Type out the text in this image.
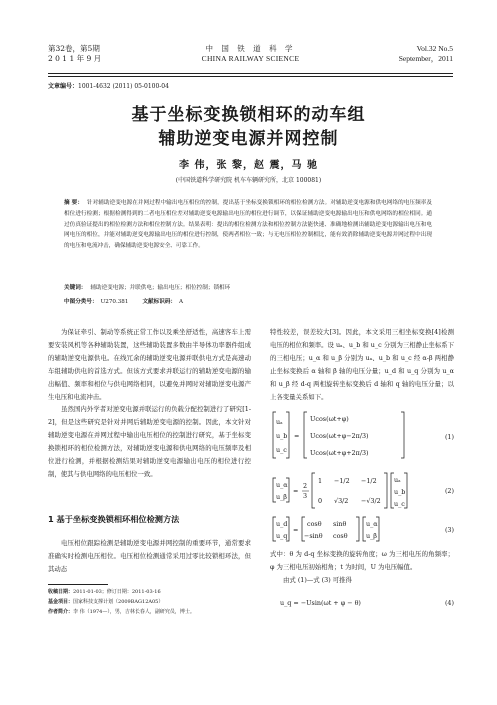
第32卷，第5期
2 0 1 1 年 9 月
中 国 铁 道 科 学
CHINA RAILWAY SCIENCE
Vol.32 No.5
September，2011
文章编号：1001-4632 (2011) 05-0100-04
基于坐标变换锁相环的动车组
辅助逆变电源并网控制
李 伟，张 黎，赵 震，马 驰
(中国铁道科学研究院 机车车辆研究所，北京 100081)
摘 要： 针对辅助逆变电源在并网过程中输出电压相位的控制，提出基于坐标变换锁相环的相位检测方法。对辅助逆变电源和供电网络的电压频率及相位进行检测；根据检测得到的二者电压相位差对辅助逆变电源输出电压的相位进行调节，以保证辅助逆变电源输出电压和供电网络的相位相同。通过仿真验证提出的相位检测方法和相位控制方法。结果表明：提出的相位检测方法和相位控制方法能快速、准确地检测出辅助逆变电源输出电压和电网电压的相位，并能对辅助逆变电源输出电压的相位进行控制，使两者相位一致；与无电压相位控制相比，能有效消除辅助逆变电源并网过程中出现的电压和电流冲击，确保辅助逆变电源安全、可靠工作。
关键词： 辅助逆变电源；并联供电；输出电压；相位控制；锁相环
中图分类号： U270.381	文献标识码： A

为保证牵引、制动等系统正常工作以及乘坐舒适性，高速客车上需要安装风机等各种辅助装置，这些辅助装置多数由半导体功率器件组成的辅助逆变电源供电。在线冗余的辅助逆变电源并联供电方式是高速动车组辅助供电的首选方式。但该方式要求并联运行的辅助逆变电源的输出幅值、频率和相位与供电网络相同，以避免并网时对辅助逆变电源产生电压和电流冲击。

虽然国内外学者对逆变电源并联运行的负载分配控制进行了研究[1-2]，但是这些研究是针对并网后辅助逆变电源的控制。因此，本文针对辅助逆变电源在并网过程中输出电压相位的控制进行研究，基于坐标变换锁相环的相位检测方法，对辅助逆变电源和供电网络的电压频率及相位进行检测，并根据检测结果对辅助逆变电源输出电压的相位进行控制，使其与供电网络的电压相位一致。

1 基于坐标变换锁相环相位检测方法

电压相位跟踪检测是辅助逆变电源并网控制的重要环节，通常要求准确实时检测电压相位。电压相位检测通常采用过零比较锁相环法，但其动态

特性较差，误差较大[3]。因此，本文采用三相坐标变换[4]检测电压的相位和频率。设 uₐ、u_b 和 u_c 分别为三相静止坐标系下的三相电压；u_α 和 u_β 分别为 uₐ、u_b 和 u_c 经 α-β 两相静止坐标变换后 α 轴和 β 轴的电压分量；u_d 和 u_q 分别为 u_α 和 u_β 经 d-q 两相旋转坐标变换后 d 轴和 q 轴的电压分量；以上各变量关系如下。

uₐ
u_b
u_c
=
Ucos(ωt+φ)
Ucos(ωt+φ−2π/3)
Ucos(ωt+φ+2π/3)
(1)
u_α
u_β
=
2
3
1 −1/2 −1/2
0 √3/2 −√3/2
uₐ
u_b
u_c
(2)
u_d
u_q
=
cosθ sinθ
−sinθ cosθ
u_α
u_β
(3)

式中：θ 为 d-q 坐标变换的旋转角度；ω 为三相电压的角频率；φ 为三相电压初始相角；t 为时间，U 为电压幅值。

由式 (1)—式 (3) 可推得

u_q = −Usin(ωt + φ − θ)	(4)
收稿日期：2011-01-03；修订日期：2011-03-16
基金项目：国家科技支撑计划（2009BAG12A05）
作者简介：李 伟（1974—），男，吉林长春人，副研究员，博士。
